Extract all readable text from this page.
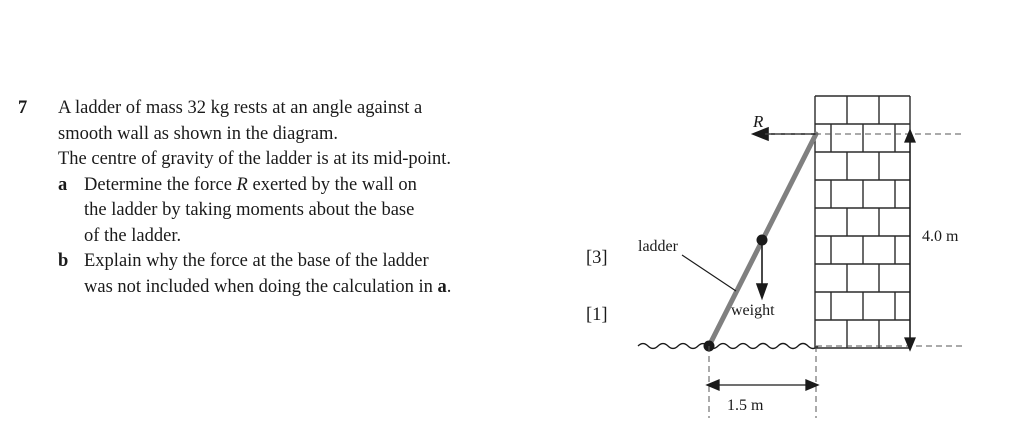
7	A ladder of mass 32 kg rests at an angle against a
smooth wall as shown in the diagram.
The centre of gravity of the ladder is at its mid-point.
a Determine the force R exerted by the wall on
the ladder by taking moments about the base
of the ladder.
b Explain why the force at the base of the ladder
was not included when doing the calculation in a.
[3]
[1]
R
ladder
weight
4.0 m
1.5 m
